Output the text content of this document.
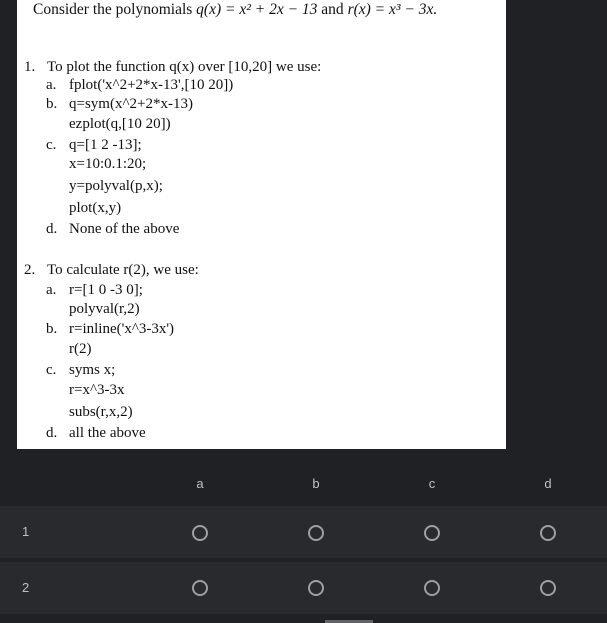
Consider the polynomials q(x) = x² + 2x − 13 and r(x) = x³ − 3x.
1. To plot the function q(x) over [10,20] we use:
a. fplot('x^2+2*x-13',[10 20])
b. q=sym(x^2+2*x-13)
ezplot(q,[10 20])
c. q=[1 2 -13];
x=10:0.1:20;
y=polyval(p,x);
plot(x,y)
d. None of the above
2. To calculate r(2), we use:
a. r=[1 0 -3 0];
polyval(r,2)
b. r=inline('x^3-3x')
r(2)
c. syms x;
r=x^3-3x
subs(r,x,2)
d. all the above
a	b	c	d
1
2
